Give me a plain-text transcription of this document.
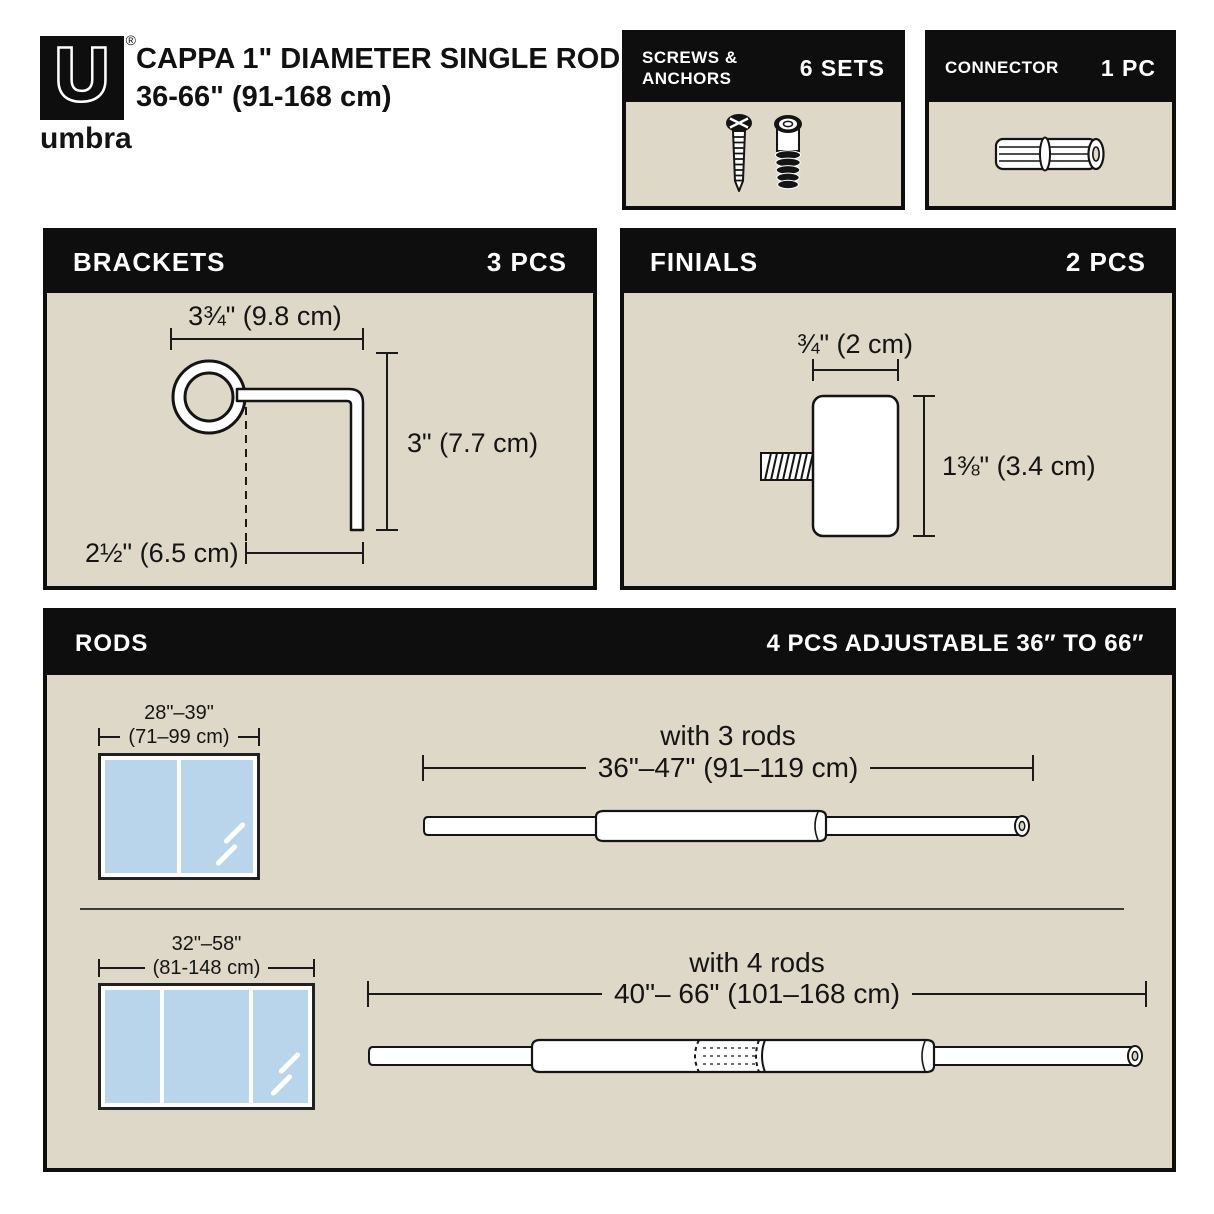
U ®
umbra
CAPPA 1" DIAMETER SINGLE ROD
36-66" (91-168 cm)
SCREWS &
ANCHORS	6 SETS	CONNECTOR 1 PC
BRACKETS	3 PCS
3¾" (9.8 cm)
3" (7.7 cm)
2½" (6.5 cm)
FINIALS	2 PCS
¾" (2 cm)
1⅜" (3.4 cm)
RODS	4 PCS ADJUSTABLE 36″ TO 66″
28"–39"
(71–99 cm)	with 3 rods
36"–47" (91–119 cm)
32"–58"
(81-148 cm)	with 4 rods
40"– 66" (101–168 cm)
